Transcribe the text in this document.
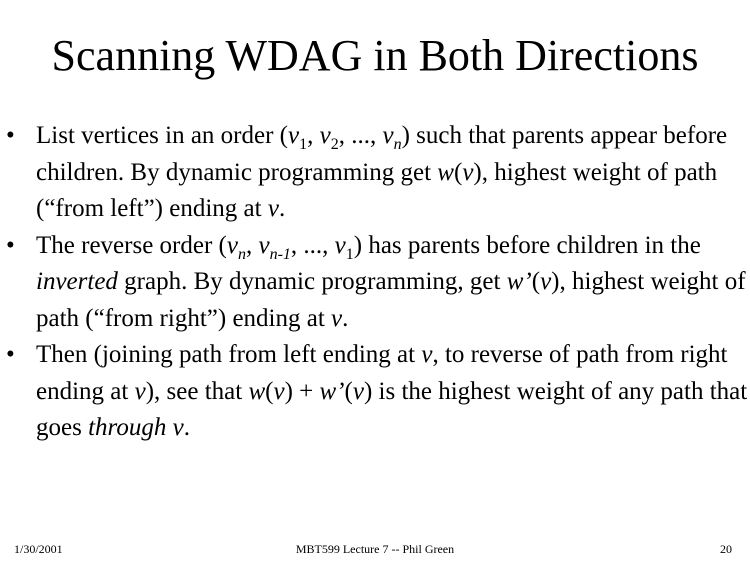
Scanning WDAG in Both Directions
• List vertices in an order ($v_1$, $v_2$, ..., $v_n$) such that parents appear before children. By dynamic programming get w(v), highest weight of path (“from left”) ending at v.
• The reverse order ($v_n$, $v_{n-1}$, ..., $v_1$) has parents before children in the inverted graph. By dynamic programming, get w’(v), highest weight of path (“from right”) ending at v.
• Then (joining path from left ending at v, to reverse of path from right ending at v), see that w(v) + w’(v) is the highest weight of any path that goes through v.
1/30/2001	MBT599 Lecture 7 -- Phil Green	20
